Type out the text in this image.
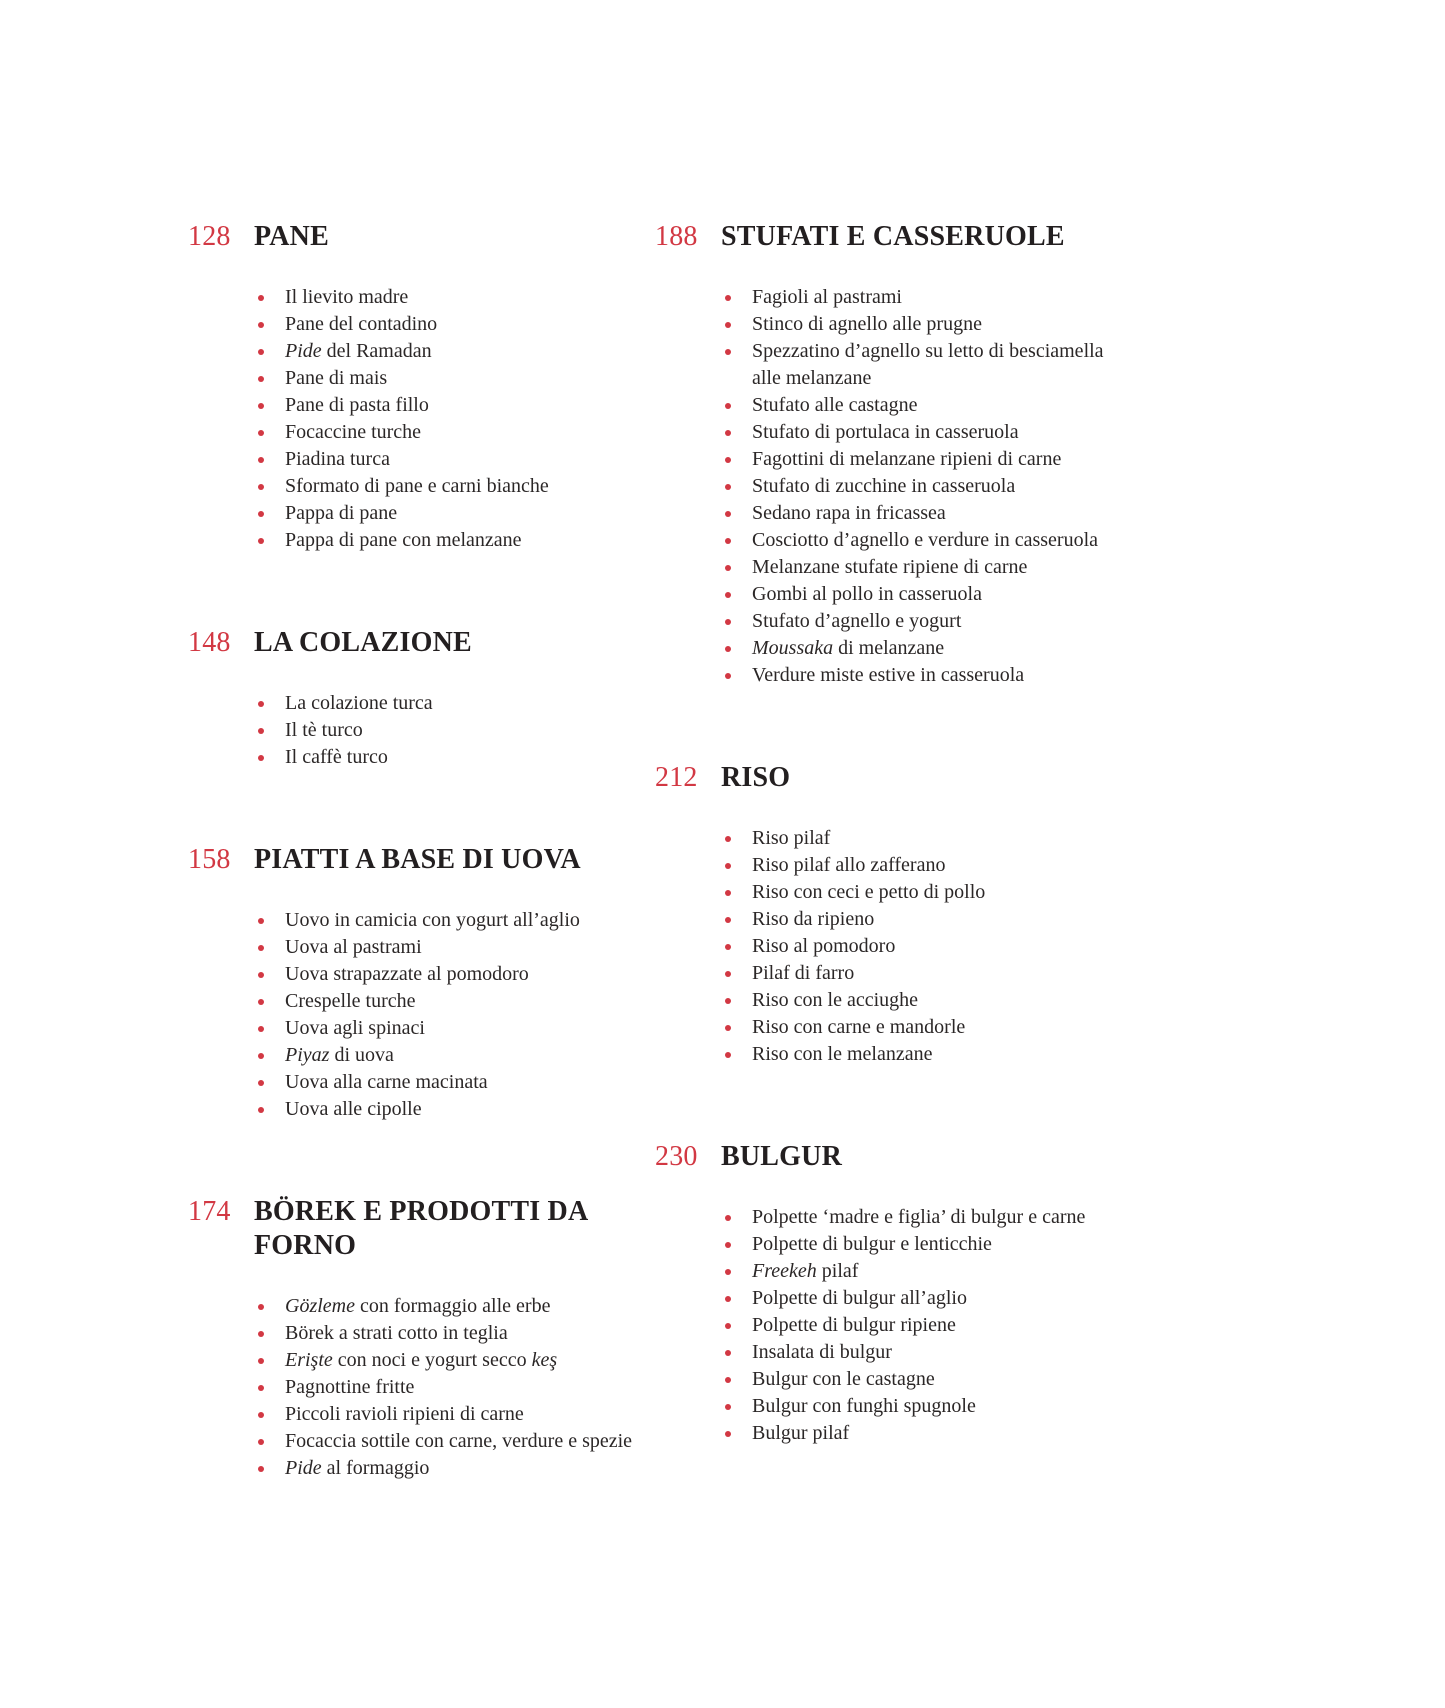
128 PANE
Il lievito madre
Pane del contadino
Pide del Ramadan
Pane di mais
Pane di pasta fillo
Focaccine turche
Piadina turca
Sformato di pane e carni bianche
Pappa di pane
Pappa di pane con melanzane
148 LA COLAZIONE
La colazione turca
Il tè turco
Il caffè turco
158 PIATTI A BASE DI UOVA
Uovo in camicia con yogurt all’aglio
Uova al pastrami
Uova strapazzate al pomodoro
Crespelle turche
Uova agli spinaci
Piyaz di uova
Uova alla carne macinata
Uova alle cipolle
174 BÖREK E PRODOTTI DA FORNO
Gözleme con formaggio alle erbe
Börek a strati cotto in teglia
Erişte con noci e yogurt secco keş
Pagnottine fritte
Piccoli ravioli ripieni di carne
Focaccia sottile con carne, verdure e spezie
Pide al formaggio
188 STUFATI E CASSERUOLE
Fagioli al pastrami
Stinco di agnello alle prugne
Spezzatino d’agnello su letto di besciamella alle melanzane
Stufato alle castagne
Stufato di portulaca in casseruola
Fagottini di melanzane ripieni di carne
Stufato di zucchine in casseruola
Sedano rapa in fricassea
Cosciotto d’agnello e verdure in casseruola
Melanzane stufate ripiene di carne
Gombi al pollo in casseruola
Stufato d’agnello e yogurt
Moussaka di melanzane
Verdure miste estive in casseruola
212 RISO
Riso pilaf
Riso pilaf allo zafferano
Riso con ceci e petto di pollo
Riso da ripieno
Riso al pomodoro
Pilaf di farro
Riso con le acciughe
Riso con carne e mandorle
Riso con le melanzane
230 BULGUR
Polpette ‘madre e figlia’ di bulgur e carne
Polpette di bulgur e lenticchie
Freekeh pilaf
Polpette di bulgur all’aglio
Polpette di bulgur ripiene
Insalata di bulgur
Bulgur con le castagne
Bulgur con funghi spugnole
Bulgur pilaf
